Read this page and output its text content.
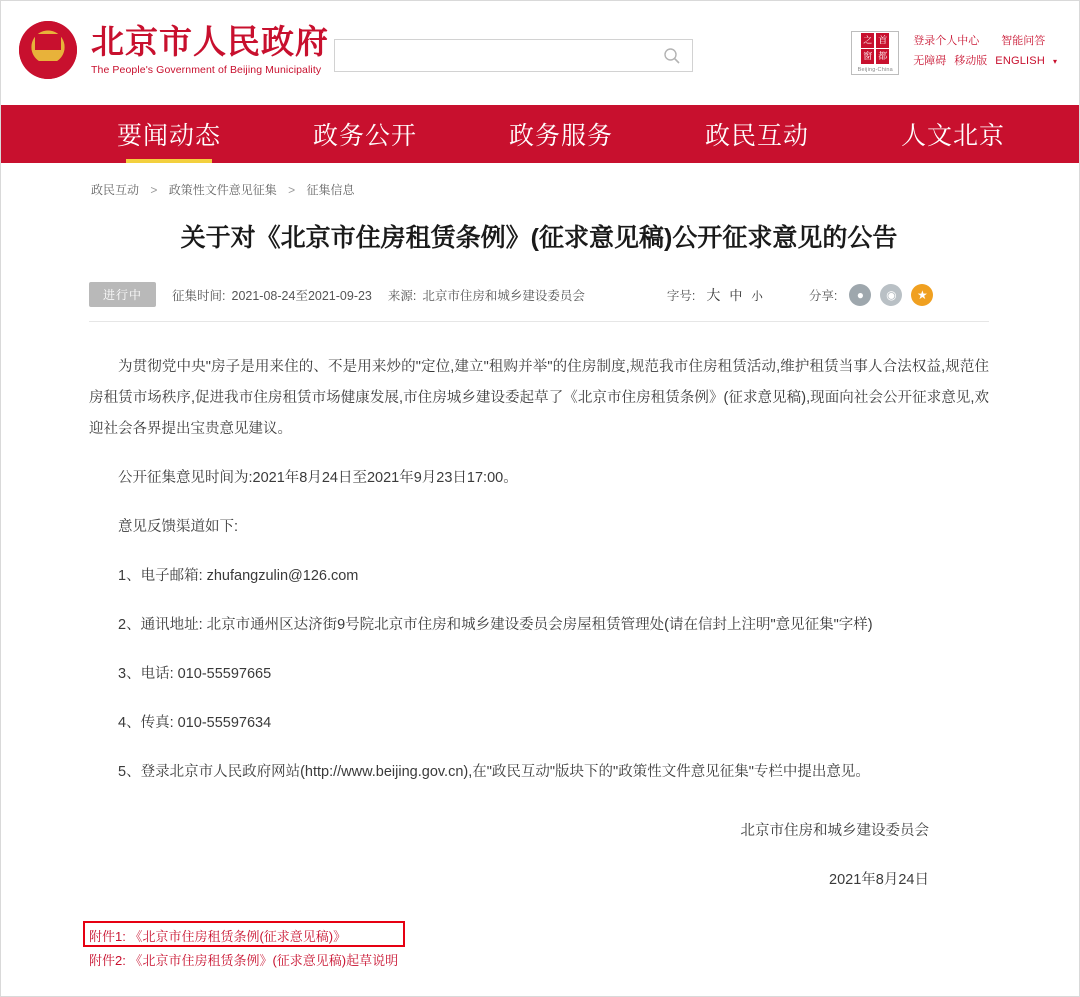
北京市人民政府
The People's Government of Beijing Municipality
之 首
窗 都
Beijing-China
登录个人中心 智能问答
无障碍 移动版 ENGLISH ▾
要闻动态	政务公开	政务服务	政民互动	人文北京
政民互动 > 政策性文件意见征集 > 征集信息
关于对《北京市住房租赁条例》(征求意见稿)公开征求意见的公告
进行中	征集时间: 2021-08-24至2021-09-23 来源: 北京市住房和城乡建设委员会	字号: 大 中 小	分享:	●	◉	★

为贯彻党中央"房子是用来住的、不是用来炒的"定位,建立"租购并举"的住房制度,规范我市住房租赁活动,维护租赁当事人合法权益,规范住房租赁市场秩序,促进我市住房租赁市场健康发展,市住房城乡建设委起草了《北京市住房租赁条例》(征求意见稿),现面向社会公开征求意见,欢迎社会各界提出宝贵意见建议。

公开征集意见时间为:2021年8月24日至2021年9月23日17:00。

意见反馈渠道如下:

1、电子邮箱: zhufangzulin@126.com

2、通讯地址: 北京市通州区达济街9号院北京市住房和城乡建设委员会房屋租赁管理处(请在信封上注明"意见征集"字样)

3、电话: 010-55597665

4、传真: 010-55597634

5、登录北京市人民政府网站(http://www.beijing.gov.cn),在"政民互动"版块下的"政策性文件意见征集"专栏中提出意见。

北京市住房和城乡建设委员会
2021年8月24日
附件1: 《北京市住房租赁条例(征求意见稿)》
附件2: 《北京市住房租赁条例》(征求意见稿)起草说明
